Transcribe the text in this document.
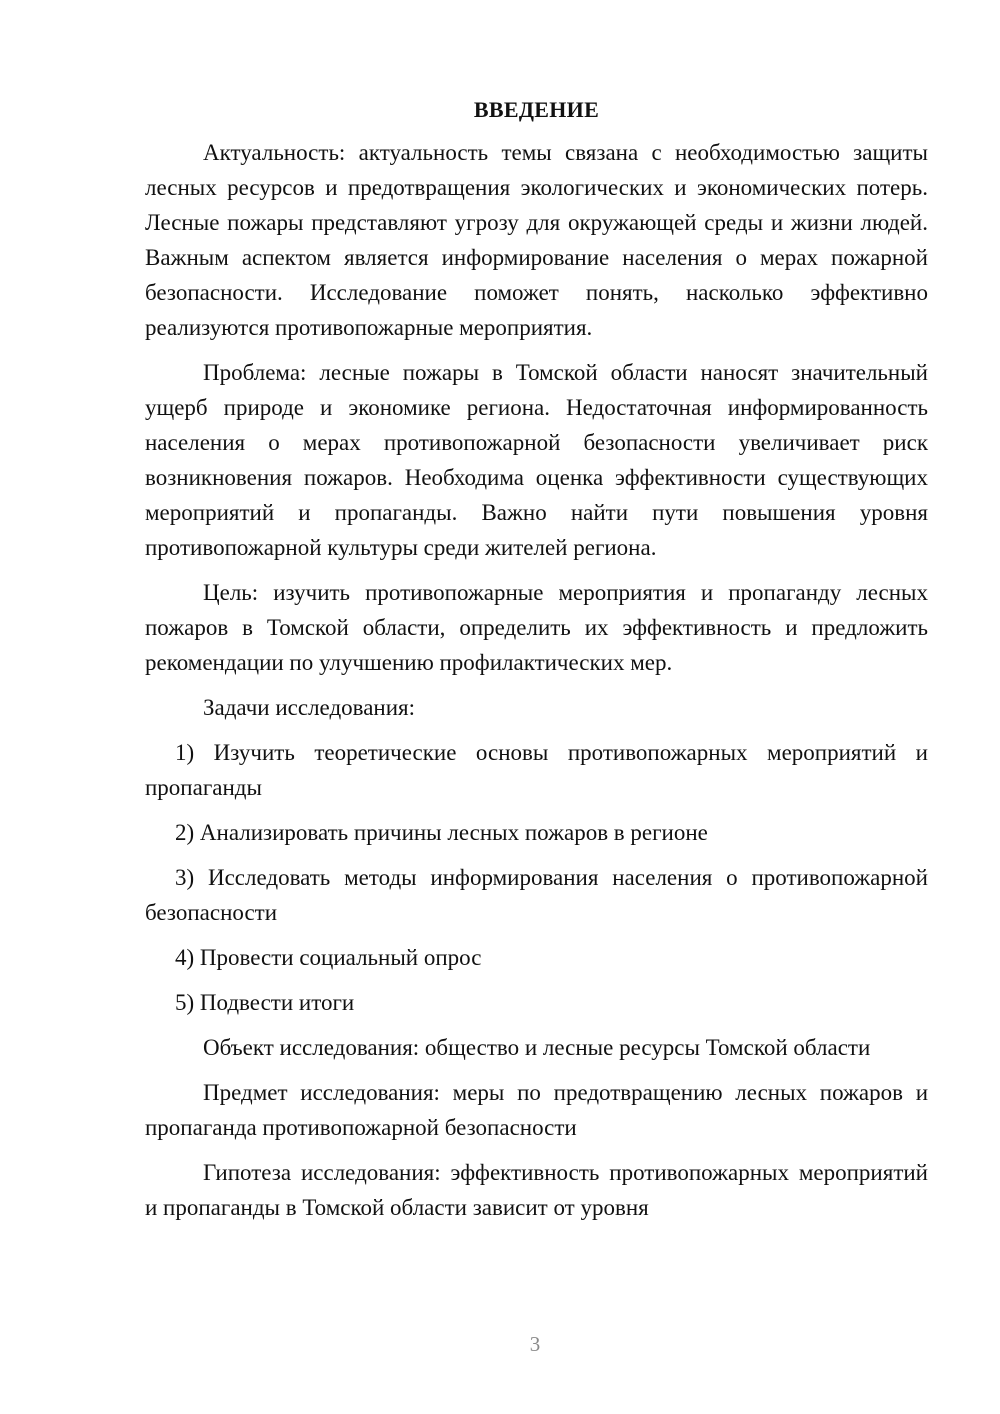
ВВЕДЕНИЕ

Актуальность: актуальность темы связана с необходимостью защиты лесных ресурсов и предотвращения экологических и экономических потерь. Лесные пожары представляют угрозу для окружающей среды и жизни людей. Важным аспектом является информирование населения о мерах пожарной безопасности. Исследование поможет понять, насколько эффективно реализуются противопожарные мероприятия.

Проблема: лесные пожары в Томской области наносят значительный ущерб природе и экономике региона. Недостаточная информированность населения о мерах противопожарной безопасности увеличивает риск возникновения пожаров. Необходима оценка эффективности существующих мероприятий и пропаганды. Важно найти пути повышения уровня противопожарной культуры среди жителей региона.

Цель: изучить противопожарные мероприятия и пропаганду лесных пожаров в Томской области, определить их эффективность и предложить рекомендации по улучшению профилактических мер.

Задачи исследования:

1) Изучить теоретические основы противопожарных мероприятий и пропаганды

2) Анализировать причины лесных пожаров в регионе

3) Исследовать методы информирования населения о противопожарной безопасности

4) Провести социальный опрос

5) Подвести итоги

Объект исследования: общество и лесные ресурсы Томской области

Предмет исследования: меры по предотвращению лесных пожаров и пропаганда противопожарной безопасности

Гипотеза исследования: эффективность противопожарных мероприятий и пропаганды в Томской области зависит от уровня

3
